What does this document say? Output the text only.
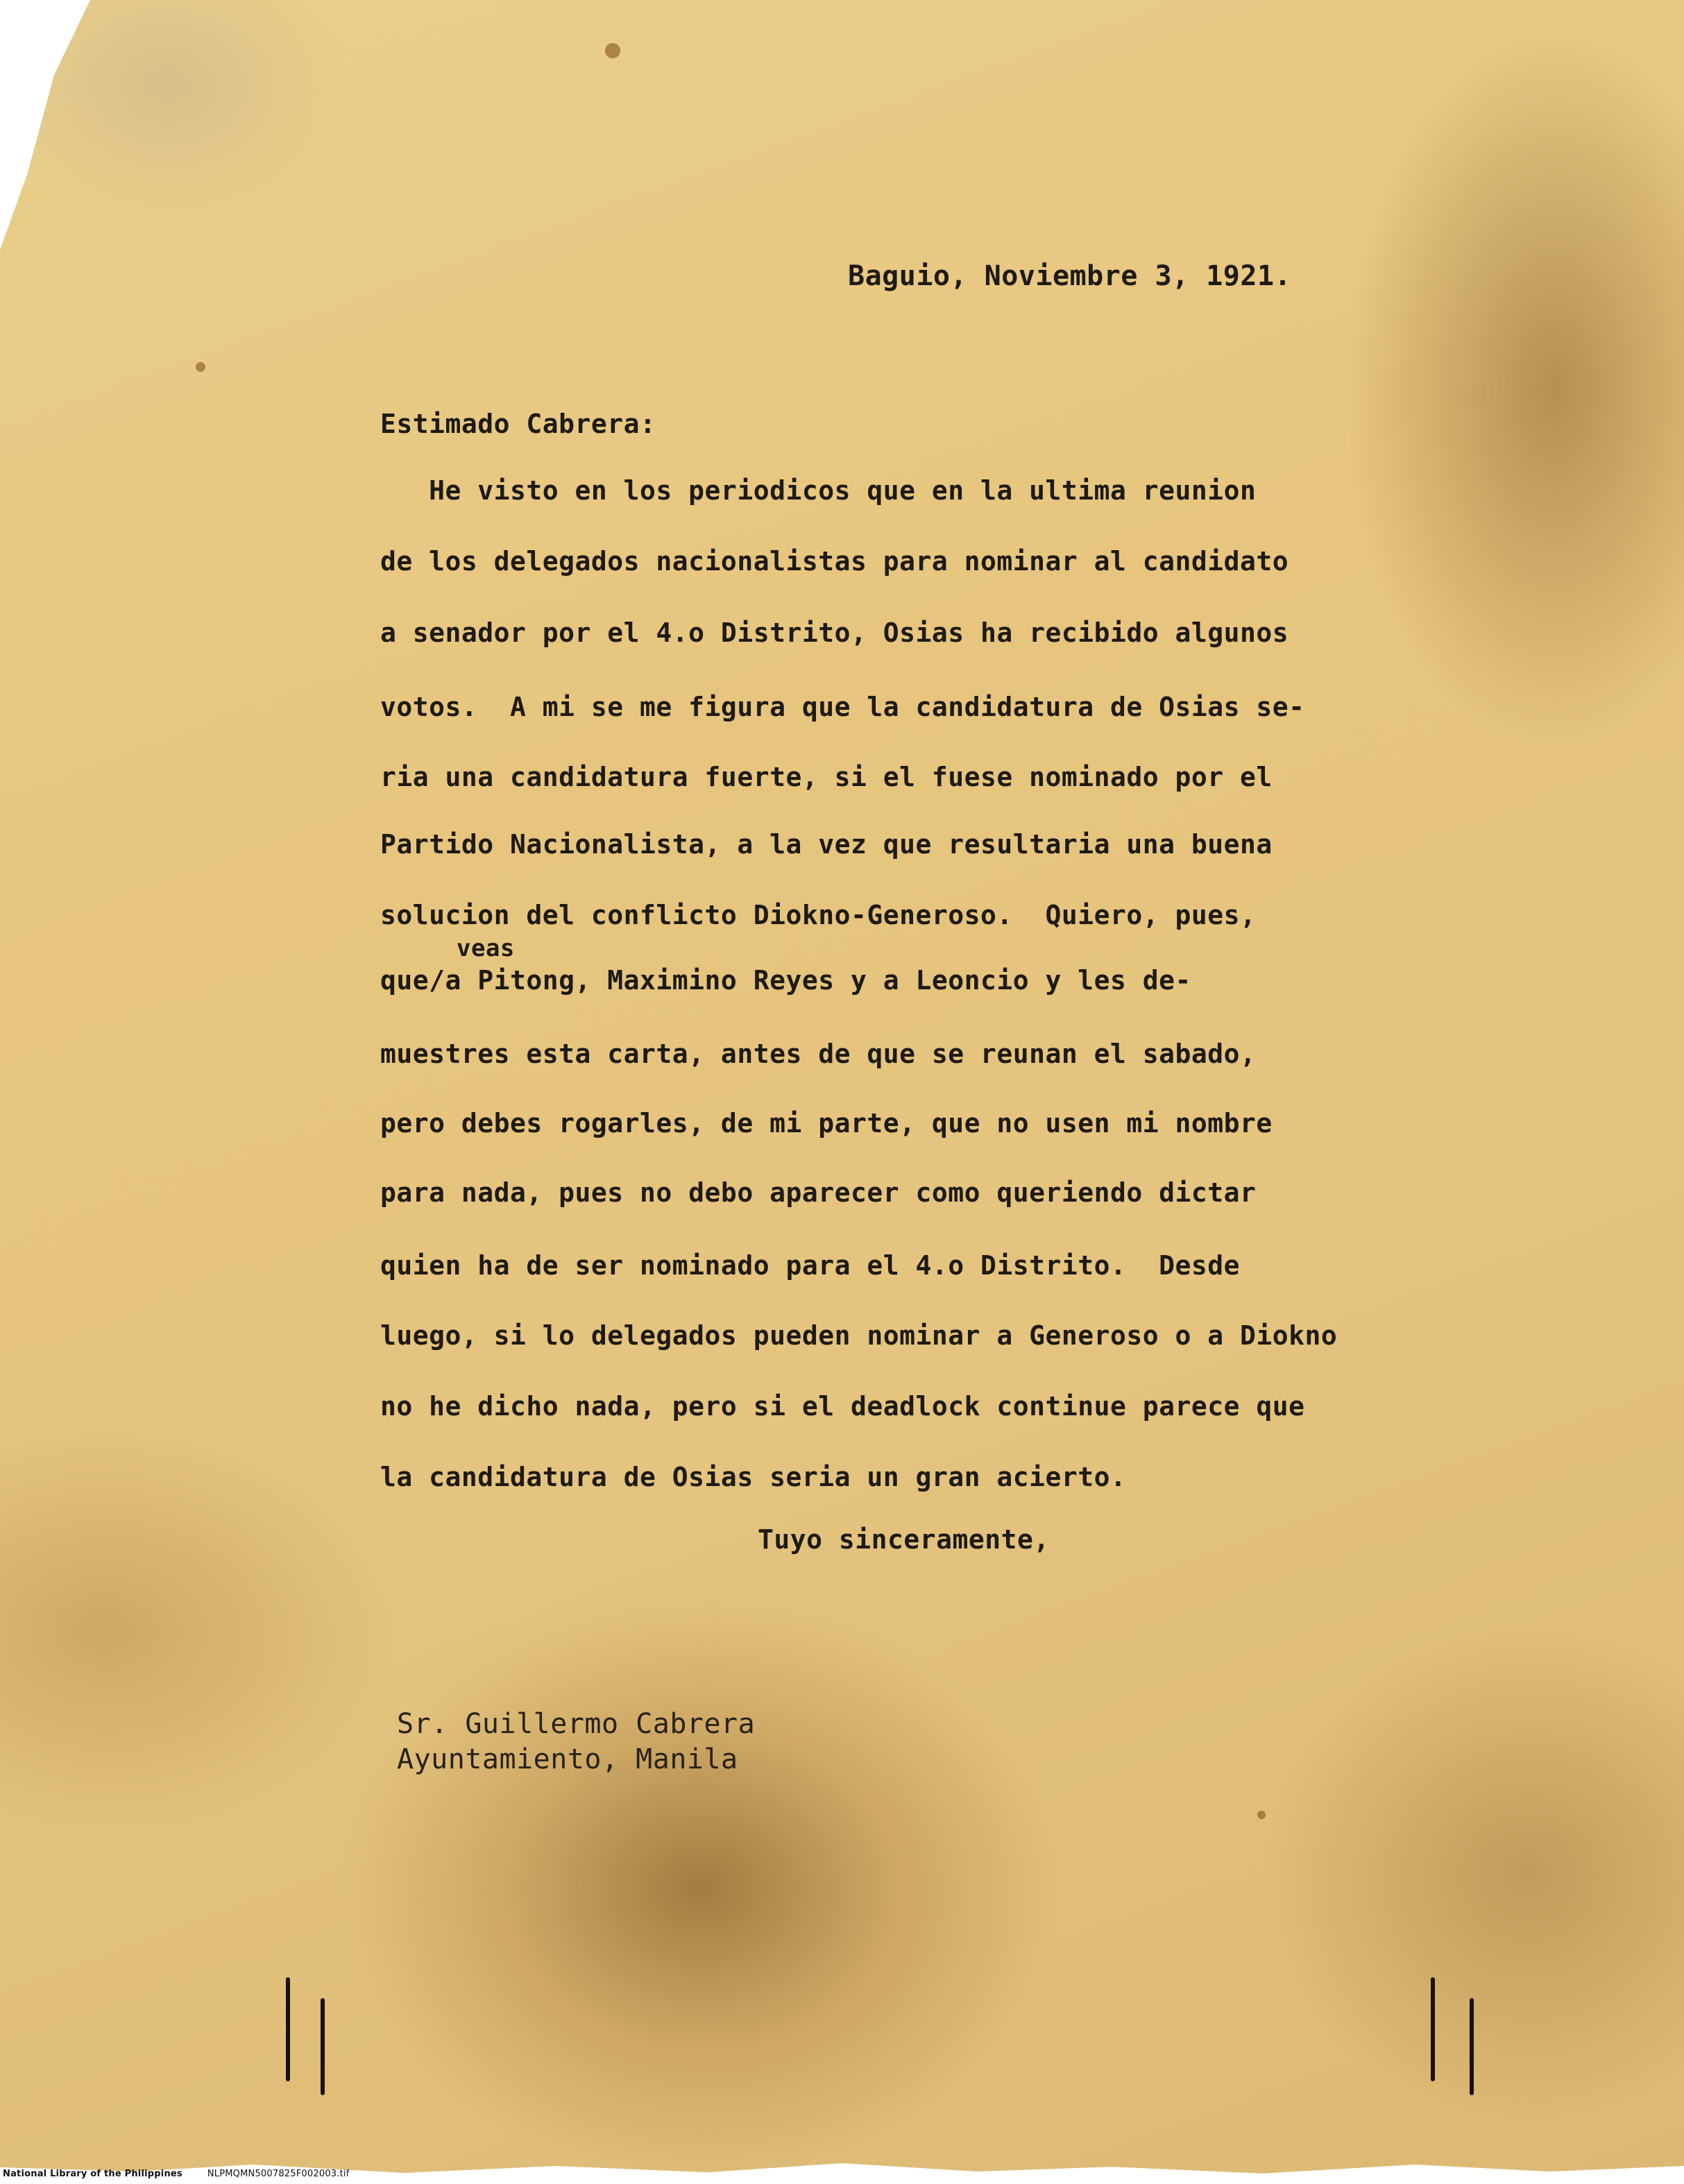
Baguio, Noviembre 3, 1921.
Estimado Cabrera:
He visto en los periodicos que en la ultima reunion
de los delegados nacionalistas para nominar al candidato
a senador por el 4.o Distrito, Osias ha recibido algunos
votos.  A mi se me figura que la candidatura de Osias se-
ria una candidatura fuerte, si el fuese nominado por el
Partido Nacionalista, a la vez que resultaria una buena
solucion del conflicto Diokno-Generoso.  Quiero, pues,
veas
que/a Pitong, Maximino Reyes y a Leoncio y les de-
muestres esta carta, antes de que se reunan el sabado,
pero debes rogarles, de mi parte, que no usen mi nombre
para nada, pues no debo aparecer como queriendo dictar
quien ha de ser nominado para el 4.o Distrito.  Desde
luego, si lo delegados pueden nominar a Generoso o a Diokno
no he dicho nada, pero si el deadlock continue parece que
la candidatura de Osias seria un gran acierto.
Tuyo sinceramente,
Sr. Guillermo Cabrera
Ayuntamiento, Manila
National Library of the Philippines	NLPMQMN5007825F002003.tif
